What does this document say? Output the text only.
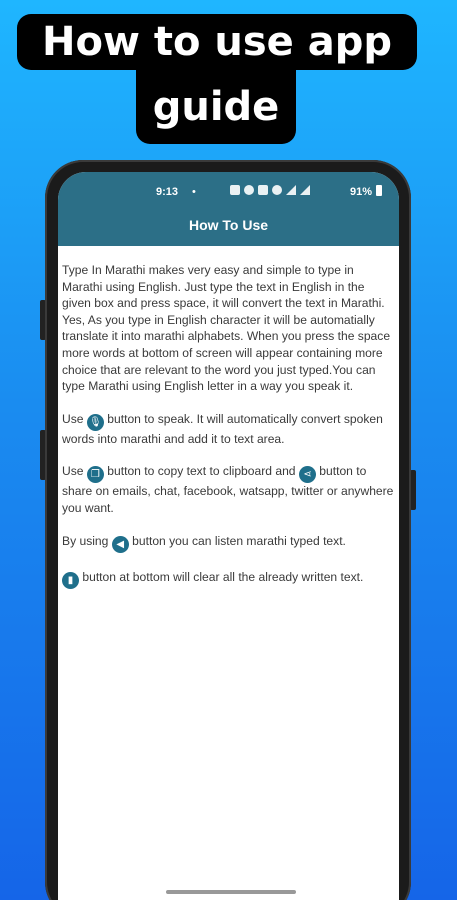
How to use app
guide
9:13 •	91%
How To Use

Type In Marathi makes very easy and simple to type in Marathi using English. Just type the text in English in the given box and press space, it will convert the text in Marathi. Yes, As you type in English character it will be automatially translate it into marathi alphabets. When you press the space more words at bottom of screen will appear containing more choice that are relevant to the word you just typed.You can type Marathi using English letter in a way you speak it.

Use 🎙 button to speak. It will automatically convert spoken words into marathi and add it to text area.

Use ❐ button to copy text to clipboard and ⋖ button to share on emails, chat, facebook, watsapp, twitter or anywhere you want.

By using ◀ button you can listen marathi typed text.

▮ button at bottom will clear all the already written text.
